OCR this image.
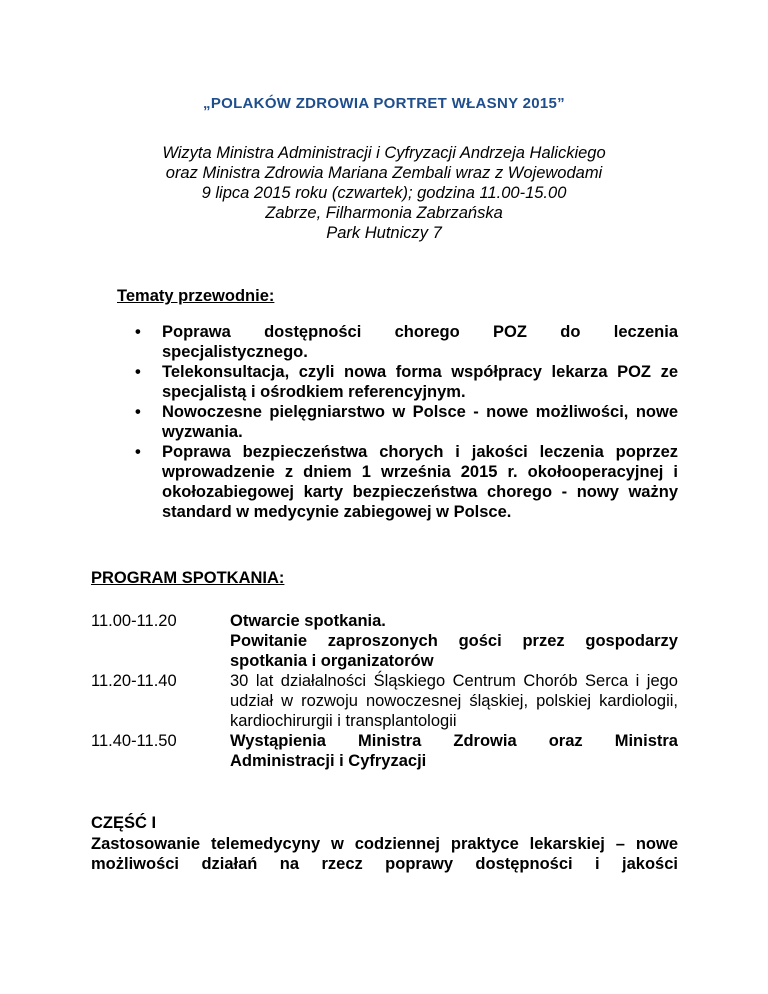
„POLAKÓW ZDROWIA PORTRET WŁASNY 2015”
Wizyta Ministra Administracji i Cyfryzacji Andrzeja Halickiego
oraz Ministra Zdrowia Mariana Zembali wraz z Wojewodami
9 lipca 2015 roku (czwartek); godzina 11.00-15.00
Zabrze, Filharmonia Zabrzańska
Park Hutniczy 7
Tematy przewodnie:
• Poprawa dostępności chorego POZ do leczenia specjalistycznego.
• Telekonsultacja, czyli nowa forma współpracy lekarza POZ ze specjalistą i ośrodkiem referencyjnym.
• Nowoczesne pielęgniarstwo w Polsce - nowe możliwości, nowe wyzwania.
• Poprawa bezpieczeństwa chorych i jakości leczenia poprzez wprowadzenie z dniem 1 września 2015 r. okołooperacyjnej i okołozabiegowej karty bezpieczeństwa chorego - nowy ważny standard w medycynie zabiegowej w Polsce.
PROGRAM SPOTKANIA:
11.00-11.20	Otwarcie spotkania.
Powitanie zaproszonych gości przez gospodarzy spotkania i organizatorów
11.20-11.40	30 lat działalności Śląskiego Centrum Chorób Serca i jego udział w rozwoju nowoczesnej śląskiej, polskiej kardiologii, kardiochirurgii i transplantologii
11.40-11.50	Wystąpienia Ministra Zdrowia oraz Ministra
Administracji i Cyfryzacji
CZĘŚĆ I
Zastosowanie telemedycyny w codziennej praktyce lekarskiej – nowe możliwości działań na rzecz poprawy dostępności i jakości
